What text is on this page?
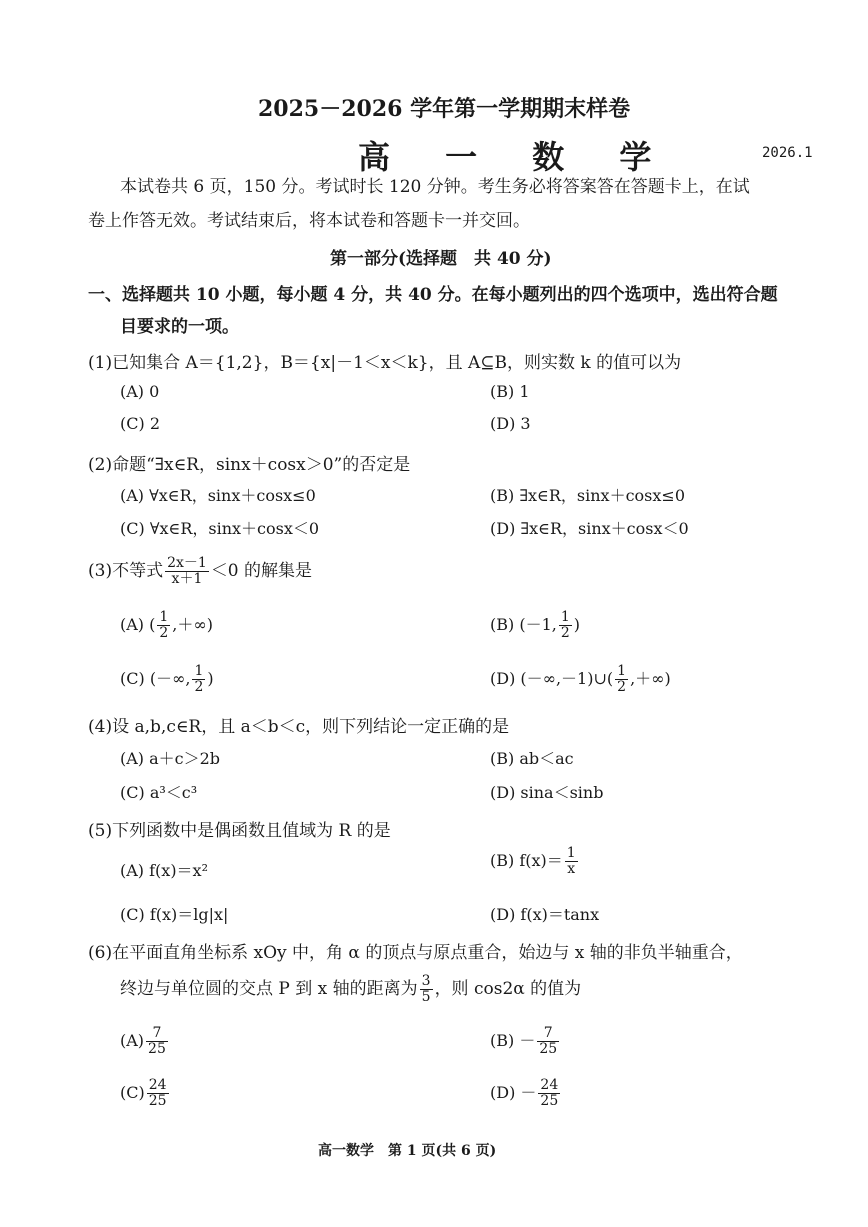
2025－2026 学年第一学期期末样卷
高 一 数 学	2026.1
本试卷共 6 页，150 分。考试时长 120 分钟。考生务必将答案答在答题卡上，在试
卷上作答无效。考试结束后，将本试卷和答题卡一并交回。
第一部分(选择题　共 40 分)
一、选择题共 10 小题，每小题 4 分，共 40 分。在每小题列出的四个选项中，选出符合题
目要求的一项。
(1)已知集合 A＝{1,2}，B＝{x|－1＜x＜k}，且 A⊆B，则实数 k 的值可以为
(A) 0	(B) 1
(C) 2	(D) 3
(2)命题“∃x∈R，sinx＋cosx＞0”的否定是
(A) ∀x∈R，sinx＋cosx≤0	(B) ∃x∈R，sinx＋cosx≤0
(C) ∀x∈R，sinx＋cosx＜0	(D) ∃x∈R，sinx＋cosx＜0
(3)不等式 $\frac{2x-1}{x+1} <0$ 的解集是
(A) ( $\frac{1}{2}$ ,＋∞)	(B) (－1, $\frac{1}{2}$ )
(C) (－∞, $\frac{1}{2}$ )	(D) (－∞,－1)∪( $\frac{1}{2}$ ,＋∞)
(4)设 a,b,c∈R，且 a＜b＜c，则下列结论一定正确的是
(A) a＋c＞2b	(B) ab＜ac
(C) a³＜c³	(D) sina＜sinb
(5)下列函数中是偶函数且值域为 R 的是
(A) f(x)＝x²
(B) $f(x)= \frac{1}{x}$
(C) f(x)＝lg|x|	(D) f(x)＝tanx
(6)在平面直角坐标系 xOy 中，角 α 的顶点与原点重合，始边与 x 轴的非负半轴重合，
终边与单位圆的交点 P 到 x 轴的距离为 $\frac{3}{5}$ ，则 cos2α 的值为
$(A) \frac{7}{25}$	$(B) - \frac{7}{25}$
$(C) \frac{24}{25}$	$(D) - \frac{24}{25}$
高一数学　第 1 页(共 6 页)
